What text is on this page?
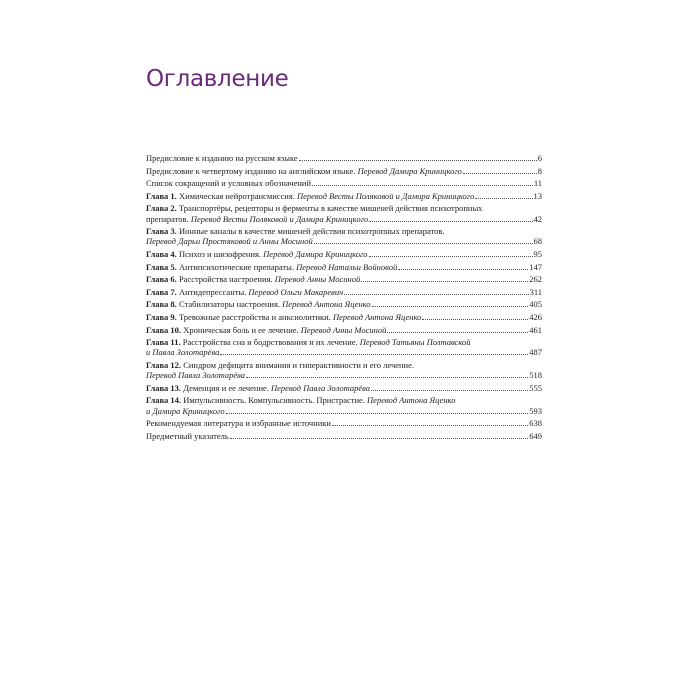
Оглавление
Предисловие к изданию на русском языке	6
Предисловие к четвертому изданию на английском языке. Перевод Дамира Криницкого	8
Список сокращений и условных обозначений	11
Глава 1. Химическая нейротрансмиссия. Перевод Весты Поляковой и Дамира Криницкого	13
Глава 2. Транспортёры, рецепторы и ферменты в качестве мишеней действия психотропных
препаратов. Перевод Весты Поляковой и Дамира Криницкого	42
Глава 3. Ионные каналы в качестве мишеней действия психотропных препаратов.
Перевод Дарьи Простяковой и Анны Мосиной	68
Глава 4. Психоз и шизофрения. Перевод Дамира Криницкого	95
Глава 5. Антипсихотические препараты. Перевод Натальи Войновой	147
Глава 6. Расстройства настроения. Перевод Анны Мосиной	262
Глава 7. Антидепрессанты. Перевод Ольги Макаревич	311
Глава 8. Стабилизаторы настроения. Перевод Антона Яценко	405
Глава 9. Тревожные расстройства и анксиолитики. Перевод Антона Яценко	426
Глава 10. Хроническая боль и ее лечение. Перевод Анны Мосиной	461
Глава 11. Расстройства сна и бодрствования и их лечение. Перевод Татьяны Полтавской
и Павла Золотарёва	487
Глава 12. Синдром дефицита внимания и гиперактивности и его лечение.
Перевод Павла Золотарёва	518
Глава 13. Деменция и ее лечение. Перевод Павла Золотарёва	555
Глава 14. Импульсивность. Компульсивность. Пристрастие. Перевод Антона Яценко
и Дамира Криницкого	593
Рекомендуемая литература и избранные источники	638
Предметный указатель	649
